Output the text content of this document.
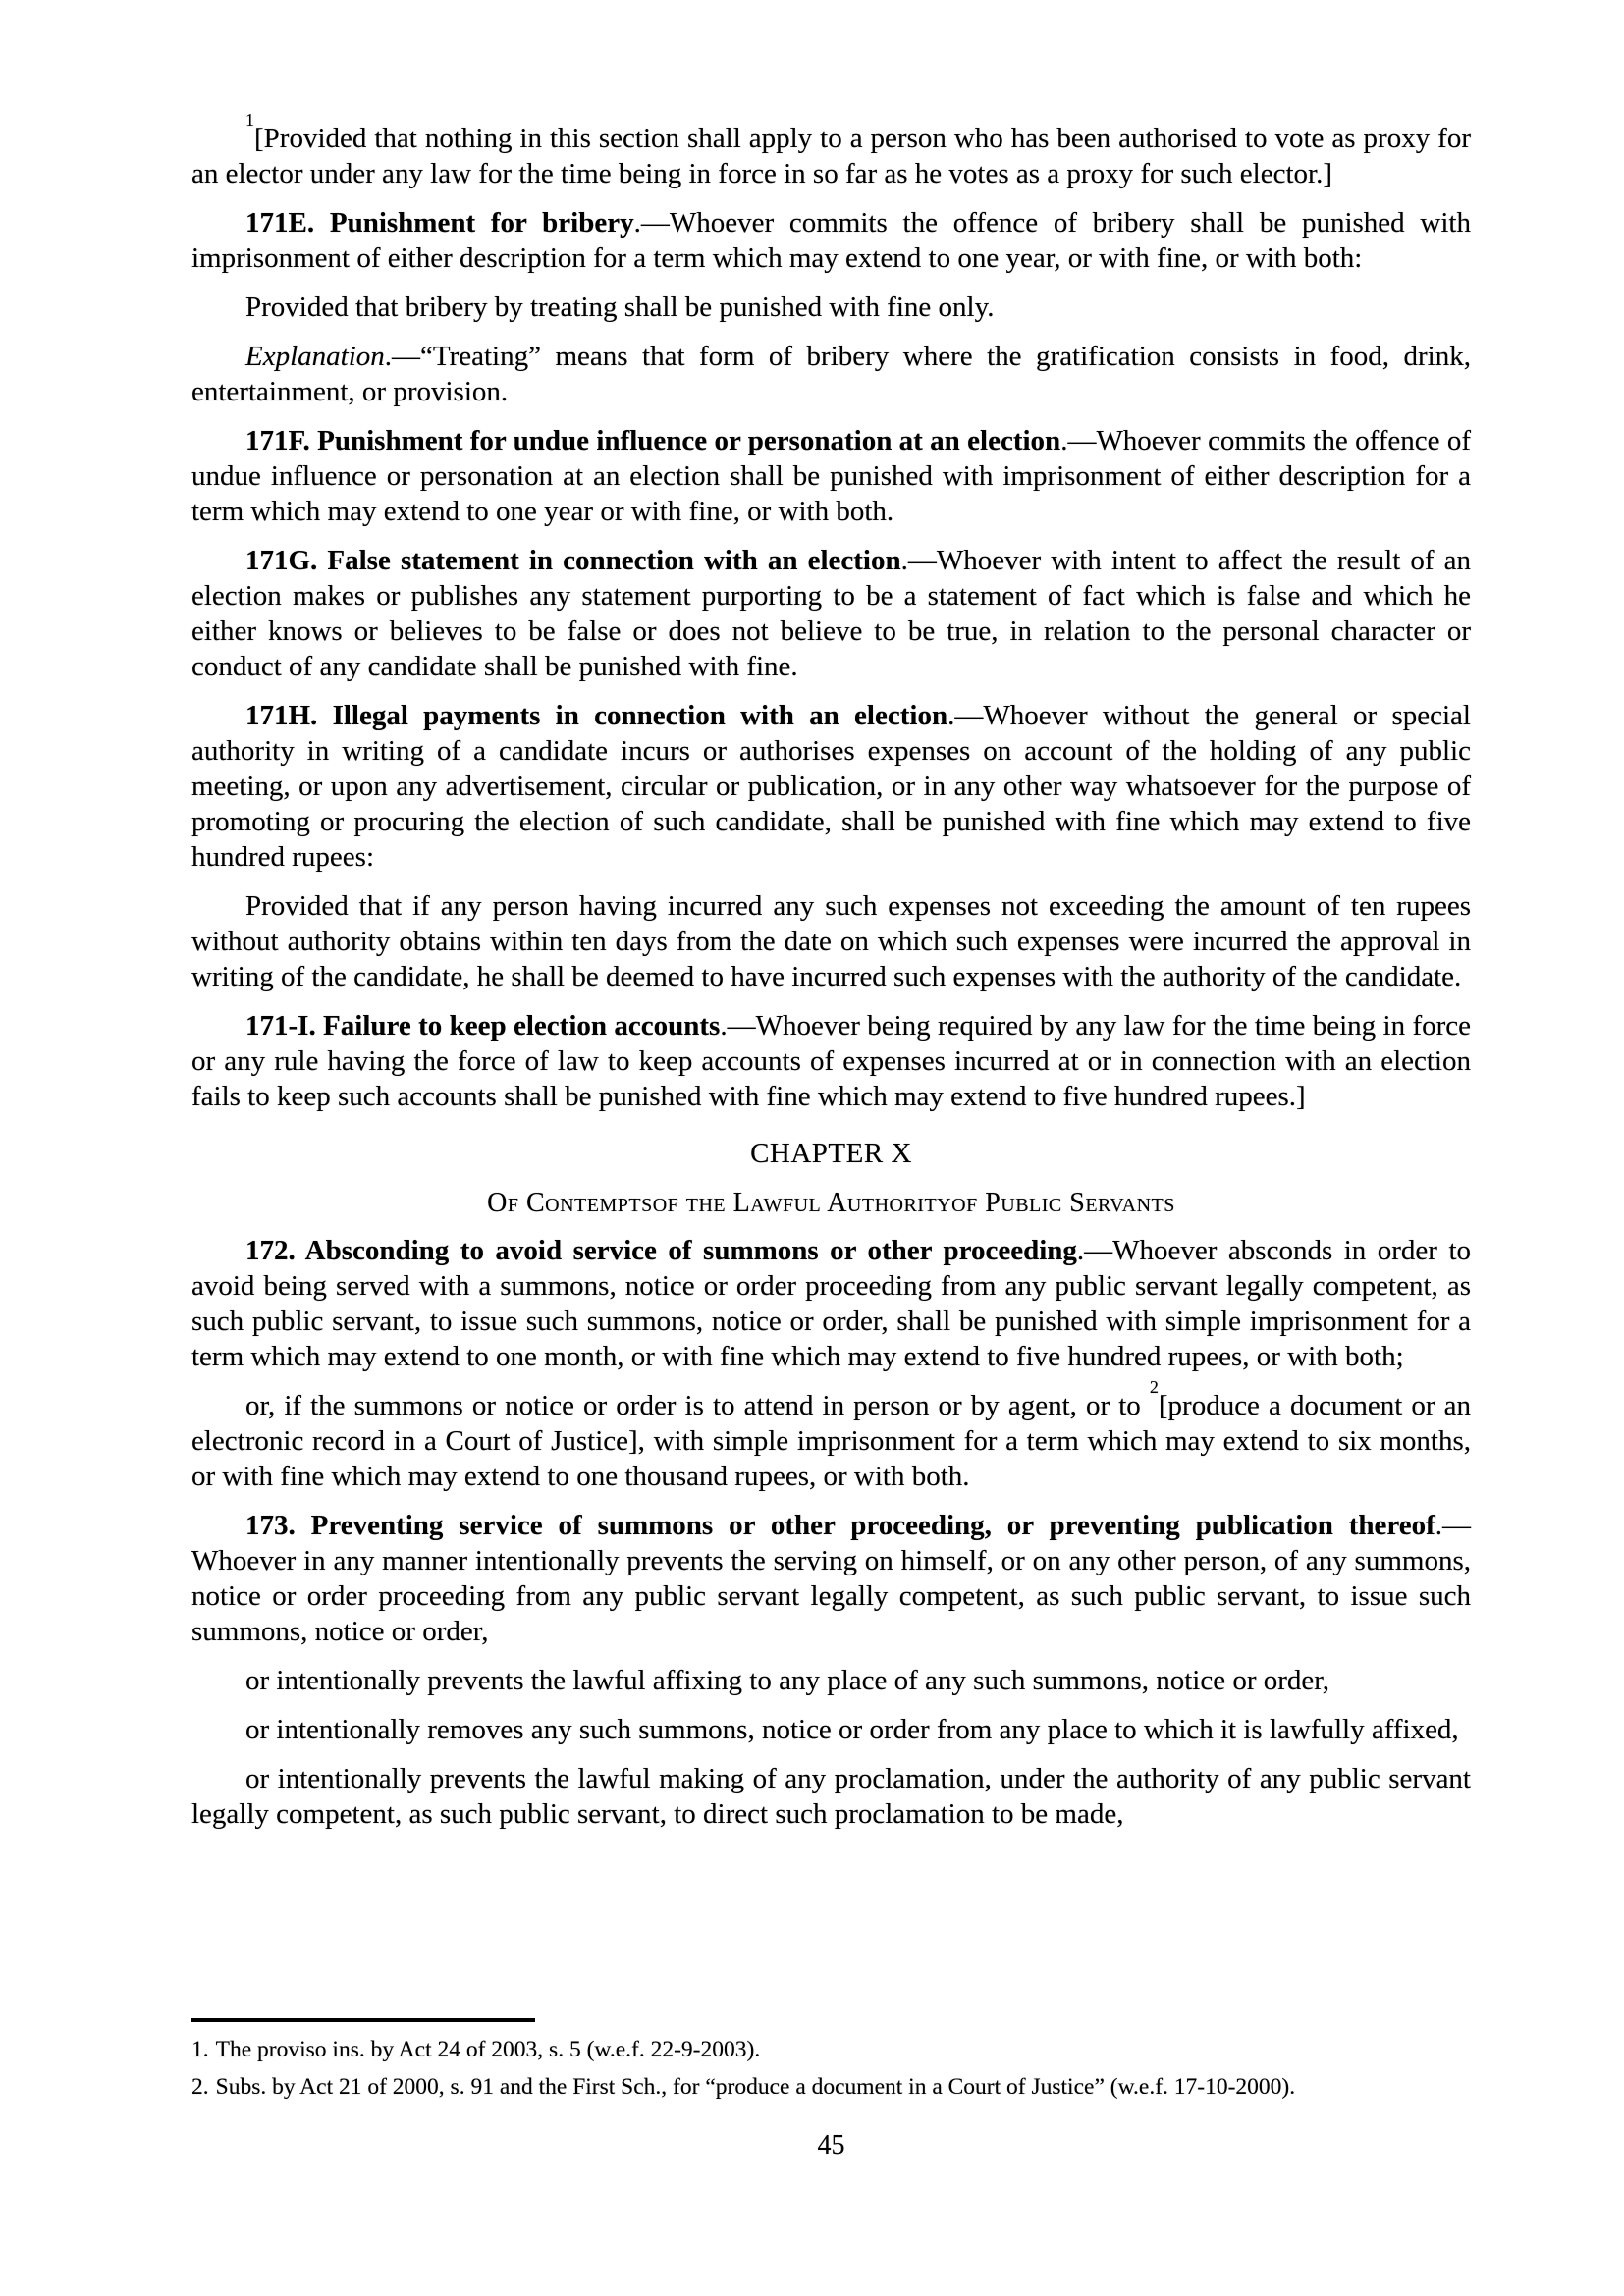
$^1$[Provided that nothing in this section shall apply to a person who has been authorised to vote as proxy for an elector under any law for the time being in force in so far as he votes as a proxy for such elector.]

171E. Punishment for bribery.—Whoever commits the offence of bribery shall be punished with imprisonment of either description for a term which may extend to one year, or with fine, or with both:

Provided that bribery by treating shall be punished with fine only.

Explanation.—“Treating” means that form of bribery where the gratification consists in food, drink, entertainment, or provision.

171F. Punishment for undue influence or personation at an election.—Whoever commits the offence of undue influence or personation at an election shall be punished with imprisonment of either description for a term which may extend to one year or with fine, or with both.

171G. False statement in connection with an election.—Whoever with intent to affect the result of an election makes or publishes any statement purporting to be a statement of fact which is false and which he either knows or believes to be false or does not believe to be true, in relation to the personal character or conduct of any candidate shall be punished with fine.

171H. Illegal payments in connection with an election.—Whoever without the general or special authority in writing of a candidate incurs or authorises expenses on account of the holding of any public meeting, or upon any advertisement, circular or publication, or in any other way whatsoever for the purpose of promoting or procuring the election of such candidate, shall be punished with fine which may extend to five hundred rupees:

Provided that if any person having incurred any such expenses not exceeding the amount of ten rupees without authority obtains within ten days from the date on which such expenses were incurred the approval in writing of the candidate, he shall be deemed to have incurred such expenses with the authority of the candidate.

171-I. Failure to keep election accounts.—Whoever being required by any law for the time being in force or any rule having the force of law to keep accounts of expenses incurred at or in connection with an election fails to keep such accounts shall be punished with fine which may extend to five hundred rupees.]

CHAPTER X
Of Contemptsof the Lawful Authorityof Public Servants

172. Absconding to avoid service of summons or other proceeding.—Whoever absconds in order to avoid being served with a summons, notice or order proceeding from any public servant legally competent, as such public servant, to issue such summons, notice or order, shall be punished with simple imprisonment for a term which may extend to one month, or with fine which may extend to five hundred rupees, or with both;

or, if the summons or notice or order is to attend in person or by agent, or to $^2$[produce a document or an electronic record in a Court of Justice], with simple imprisonment for a term which may extend to six months, or with fine which may extend to one thousand rupees, or with both.

173. Preventing service of summons or other proceeding, or preventing publication thereof.—Whoever in any manner intentionally prevents the serving on himself, or on any other person, of any summons, notice or order proceeding from any public servant legally competent, as such public servant, to issue such summons, notice or order,

or intentionally prevents the lawful affixing to any place of any such summons, notice or order,

or intentionally removes any such summons, notice or order from any place to which it is lawfully affixed,

or intentionally prevents the lawful making of any proclamation, under the authority of any public servant legally competent, as such public servant, to direct such proclamation to be made,

1. The proviso ins. by Act 24 of 2003, s. 5 (w.e.f. 22-9-2003).

2. Subs. by Act 21 of 2000, s. 91 and the First Sch., for “produce a document in a Court of Justice” (w.e.f. 17-10-2000).

45
